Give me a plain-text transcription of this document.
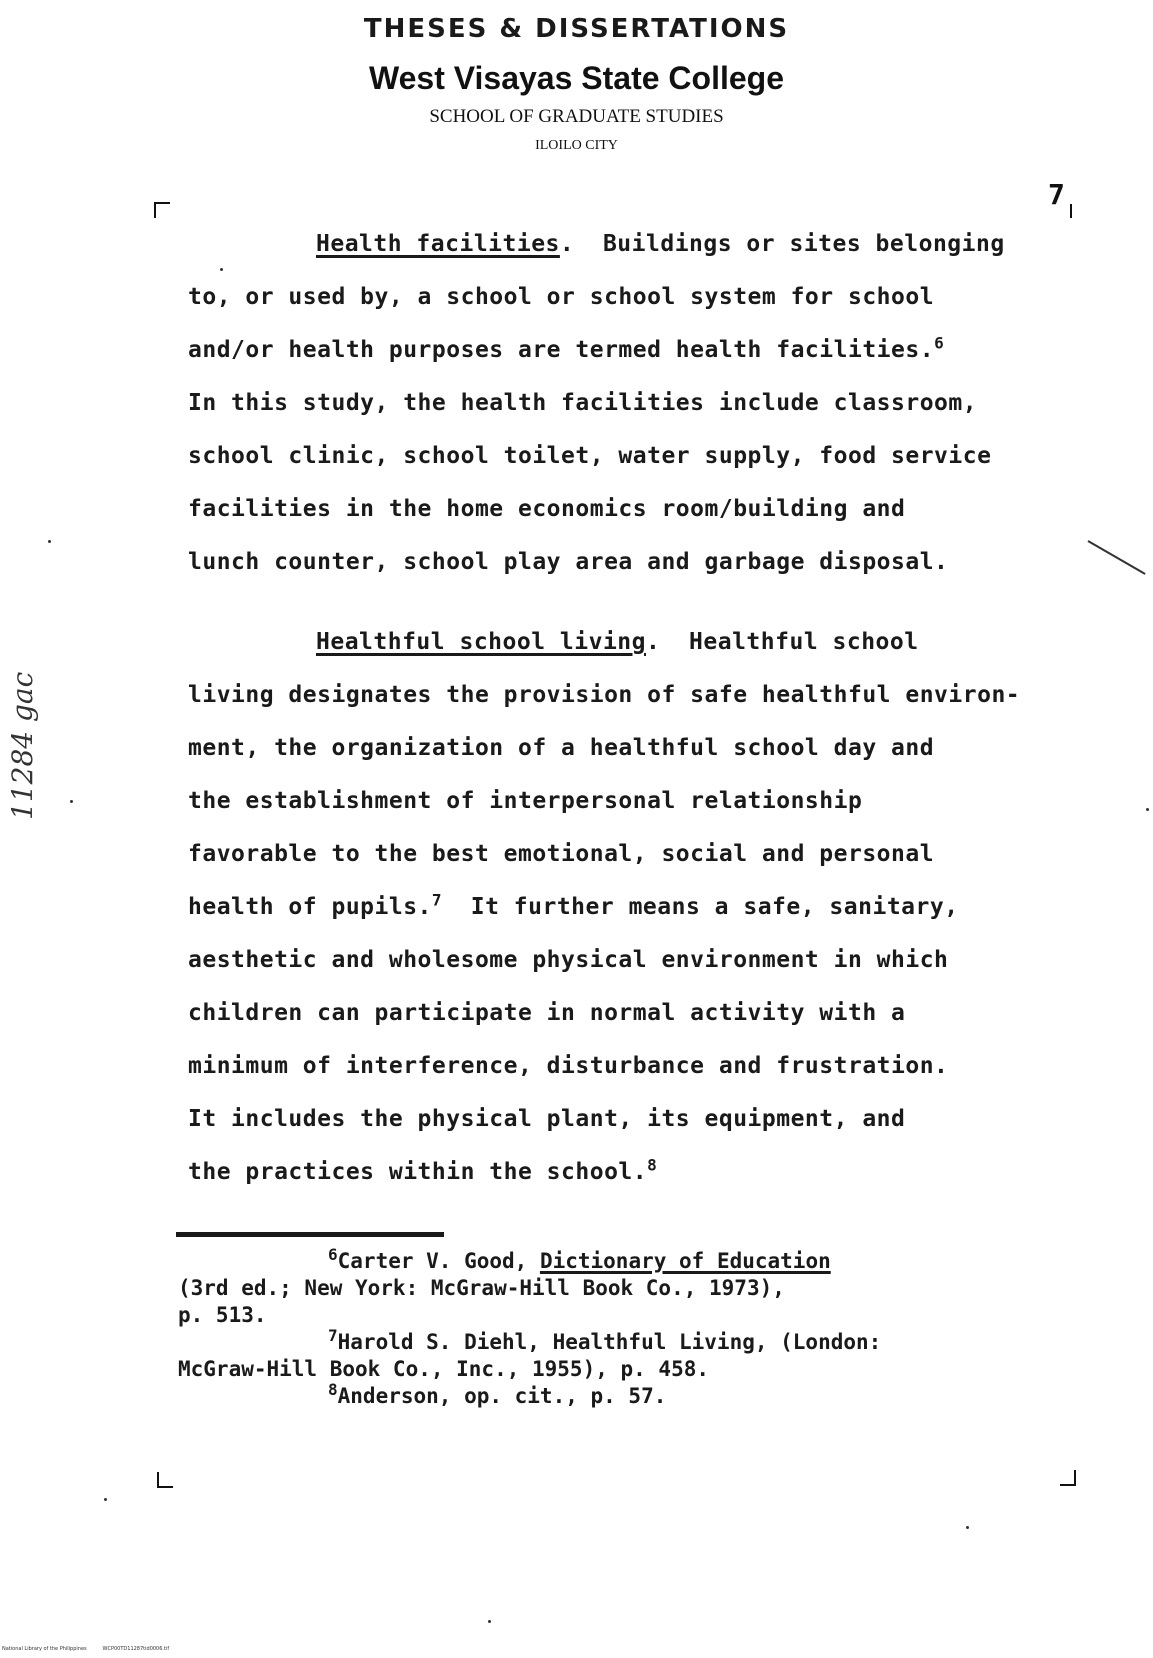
THESES & DISSERTATIONS
West Visayas State College
SCHOOL OF GRADUATE STUDIES
ILOILO CITY
7
11284 gac
Health facilities.  Buildings or sites belonging
to, or used by, a school or school system for school
and/or health purposes are termed health facilities.$^6$
In this study, the health facilities include classroom,
school clinic, school toilet, water supply, food service
facilities in the home economics room/building and
lunch counter, school play area and garbage disposal.
Healthful school living.  Healthful school
living designates the provision of safe healthful environ-
ment, the organization of a healthful school day and
the establishment of interpersonal relationship
favorable to the best emotional, social and personal
health of pupils.$^7$ It further means a safe, sanitary,
aesthetic and wholesome physical environment in which
children can participate in normal activity with a
minimum of interference, disturbance and frustration.
It includes the physical plant, its equipment, and
the practices within the school.$^8$
$^6$Carter V. Good, Dictionary of Education
(3rd ed.; New York: McGraw-Hill Book Co., 1973),
p. 513.
$^7$Harold S. Diehl, Healthful Living, (London:
McGraw-Hill Book Co., Inc., 1955), p. 458.
$^8$Anderson, op. cit., p. 57.
National Library of the Philippines	WCP00TD11287tid0006.tif
